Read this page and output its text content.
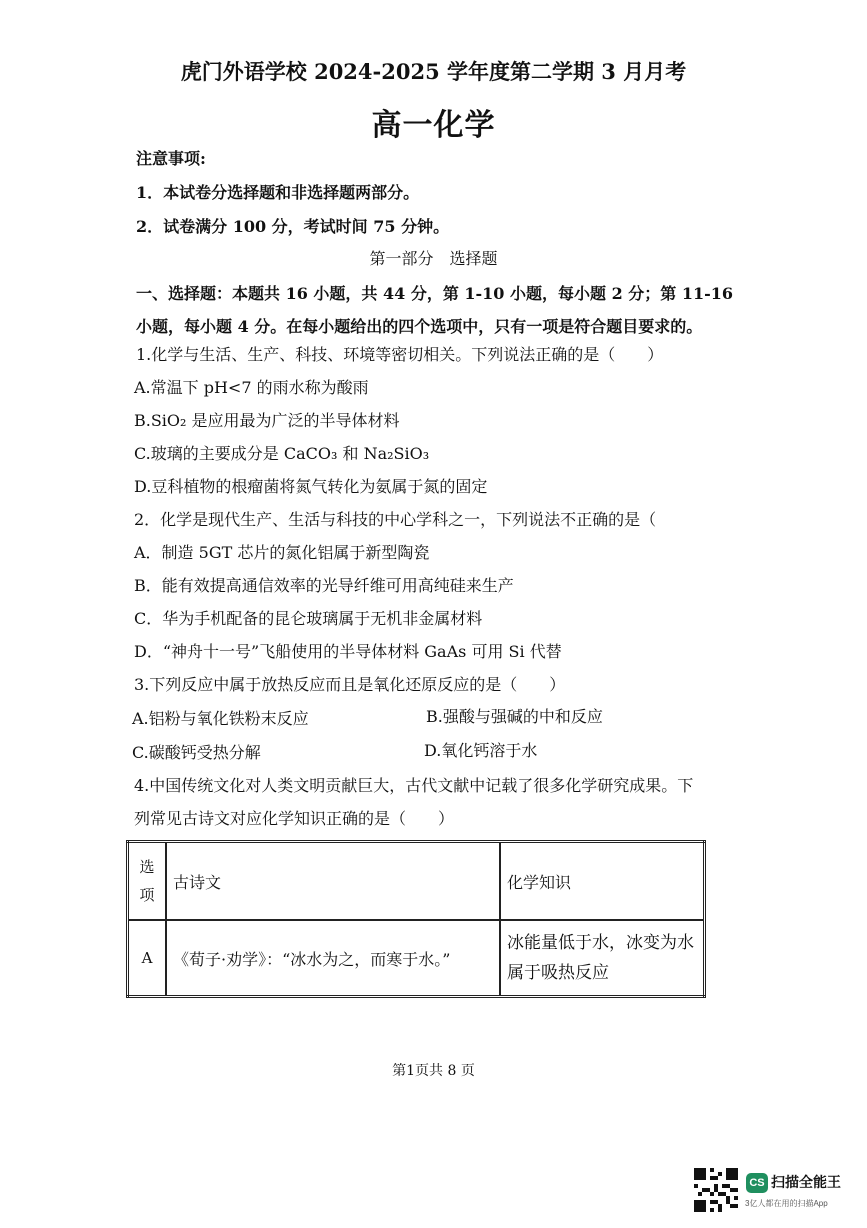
虎门外语学校 2024-2025 学年度第二学期 3 月月考
高一化学
注意事项:
1．本试卷分选择题和非选择题两部分。
2．试卷满分 100 分，考试时间 75 分钟。
第一部分　选择题
一、选择题：本题共 16 小题，共 44 分，第 1-10 小题，每小题 2 分；第 11-16
小题，每小题 4 分。在每小题给出的四个选项中，只有一项是符合题目要求的。
1.化学与生活、生产、科技、环境等密切相关。下列说法正确的是（　　）
A.常温下 pH<7 的雨水称为酸雨
B.SiO₂ 是应用最为广泛的半导体材料
C.玻璃的主要成分是 CaCO₃ 和 Na₂SiO₃
D.豆科植物的根瘤菌将氮气转化为氨属于氮的固定
2．化学是现代生产、生活与科技的中心学科之一，下列说法不正确的是（
A．制造 5GT 芯片的氮化铝属于新型陶瓷
B．能有效提高通信效率的光导纤维可用高纯硅来生产
C．华为手机配备的昆仑玻璃属于无机非金属材料
D．“神舟十一号”飞船使用的半导体材料 GaAs 可用 Si 代替
3.下列反应中属于放热反应而且是氧化还原反应的是（　　）
A.铝粉与氧化铁粉末反应	B.强酸与强碱的中和反应
C.碳酸钙受热分解	D.氧化钙溶于水
4.中国传统文化对人类文明贡献巨大，古代文献中记载了很多化学研究成果。下
列常见古诗文对应化学知识正确的是（　　）
选项	古诗文	化学知识
A	《荀子·劝学》：“冰水为之，而寒于水。”	冰能量低于水，冰变为水属于吸热反应
第1页共 8 页
CS 扫描全能王
3亿人都在用的扫描App
